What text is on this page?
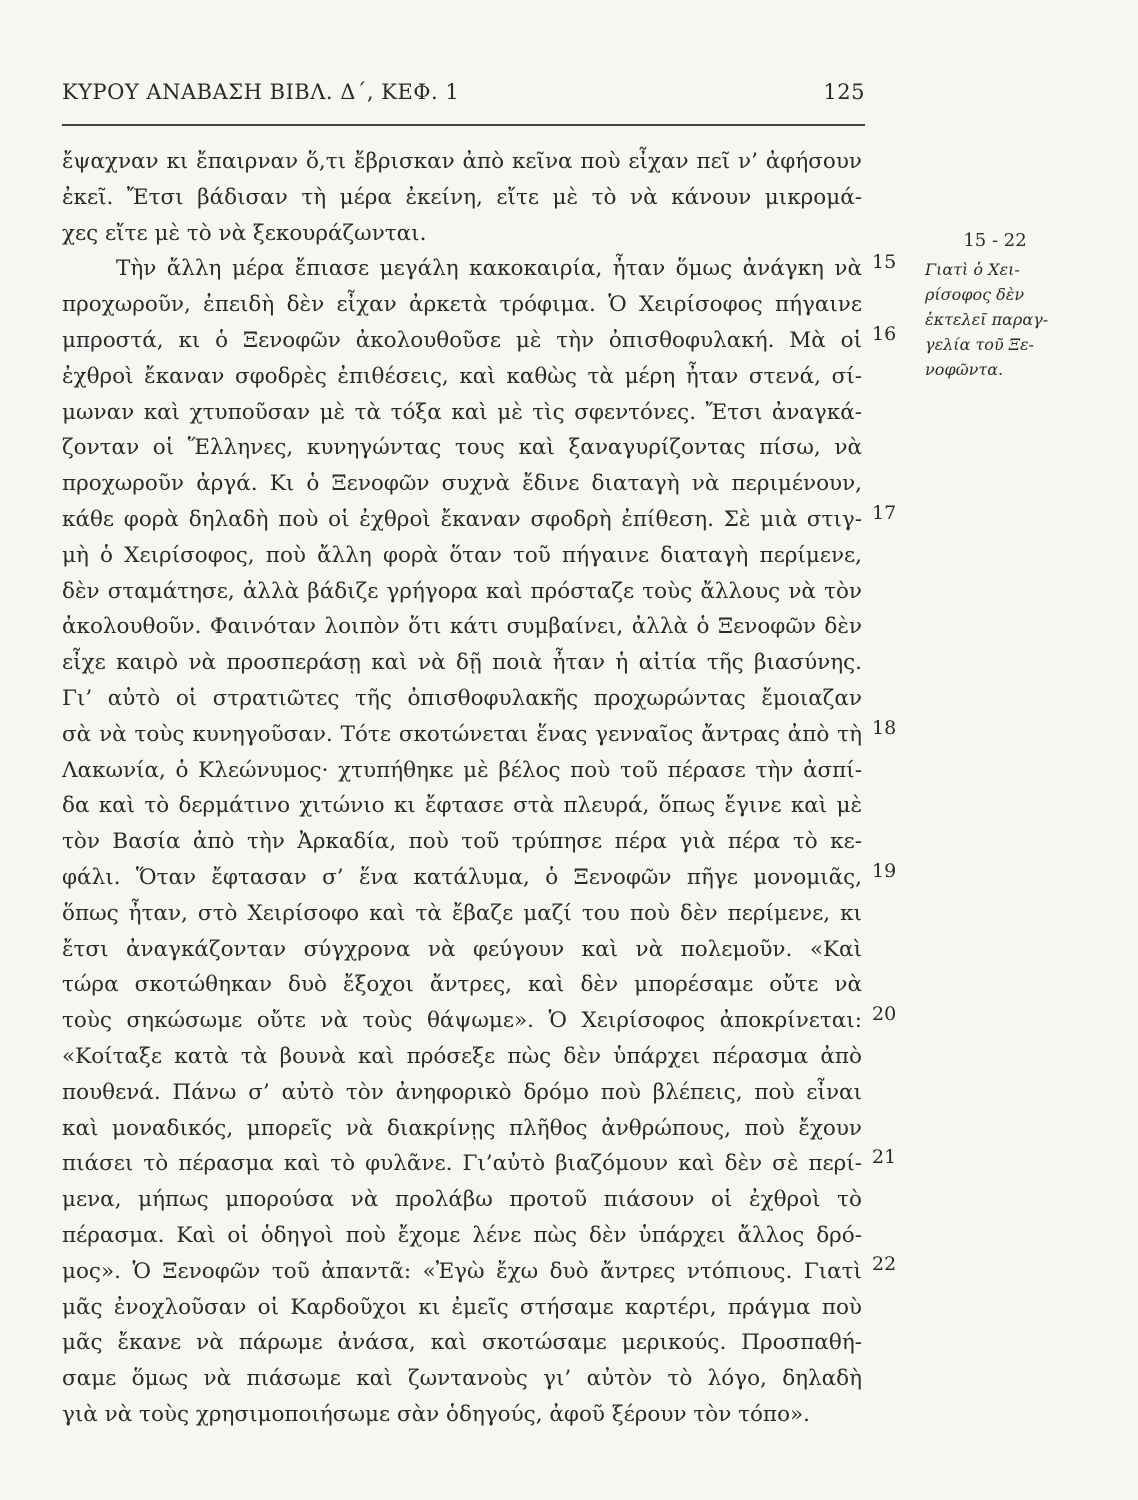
ΚΥΡΟΥ ΑΝΑΒΑΣΗ ΒΙΒΛ. Δ΄, ΚΕΦ. 1	125
ἔψαχναν κι ἔπαιρναν ὅ,τι ἔβρισκαν ἀπὸ κεῖνα ποὺ εἶχαν πεῖ ν’ ἀφήσουν
ἐκεῖ. Ἔτσι βάδισαν τὴ μέρα ἐκείνη, εἴτε μὲ τὸ νὰ κάνουν μικρομά-
χες εἴτε μὲ τὸ νὰ ξεκουράζωνται.
Τὴν ἄλλη μέρα ἔπιασε μεγάλη κακοκαιρία, ἦταν ὅμως ἀνάγκη νὰ
προχωροῦν, ἐπειδὴ δὲν εἶχαν ἀρκετὰ τρόφιμα. Ὁ Χειρίσοφος πήγαινε
μπροστά, κι ὁ Ξενοφῶν ἀκολουθοῦσε μὲ τὴν ὀπισθοφυλακή. Μὰ οἱ
ἐχθροὶ ἔκαναν σφοδρὲς ἐπιθέσεις, καὶ καθὼς τὰ μέρη ἦταν στενά, σί-
μωναν καὶ χτυποῦσαν μὲ τὰ τόξα καὶ μὲ τὶς σφεντόνες. Ἔτσι ἀναγκά-
ζονταν οἱ Ἕλληνες, κυνηγώντας τους καὶ ξαναγυρίζοντας πίσω, νὰ
προχωροῦν ἀργά. Κι ὁ Ξενοφῶν συχνὰ ἔδινε διαταγὴ νὰ περιμένουν,
κάθε φορὰ δηλαδὴ ποὺ οἱ ἐχθροὶ ἔκαναν σφοδρὴ ἐπίθεση. Σὲ μιὰ στιγ-
μὴ ὁ Χειρίσοφος, ποὺ ἄλλη φορὰ ὅταν τοῦ πήγαινε διαταγὴ περίμενε,
δὲν σταμάτησε, ἀλλὰ βάδιζε γρήγορα καὶ πρόσταζε τοὺς ἄλλους νὰ τὸν
ἀκολουθοῦν. Φαινόταν λοιπὸν ὅτι κάτι συμβαίνει, ἀλλὰ ὁ Ξενοφῶν δὲν
εἶχε καιρὸ νὰ προσπεράσῃ καὶ νὰ δῇ ποιὰ ἦταν ἡ αἰτία τῆς βιασύνης.
Γι’ αὐτὸ οἱ στρατιῶτες τῆς ὀπισθοφυλακῆς προχωρώντας ἔμοιαζαν
σὰ νὰ τοὺς κυνηγοῦσαν. Τότε σκοτώνεται ἕνας γενναῖος ἄντρας ἀπὸ τὴ
Λακωνία, ὁ Κλεώνυμος· χτυπήθηκε μὲ βέλος ποὺ τοῦ πέρασε τὴν ἀσπί-
δα καὶ τὸ δερμάτινο χιτώνιο κι ἔφτασε στὰ πλευρά, ὅπως ἔγινε καὶ μὲ
τὸν Βασία ἀπὸ τὴν Ἀρκαδία, ποὺ τοῦ τρύπησε πέρα γιὰ πέρα τὸ κε-
φάλι. Ὅταν ἔφτασαν σ’ ἕνα κατάλυμα, ὁ Ξενοφῶν πῆγε μονομιᾶς,
ὅπως ἦταν, στὸ Χειρίσοφο καὶ τὰ ἔβαζε μαζί του ποὺ δὲν περίμενε, κι
ἔτσι ἀναγκάζονταν σύγχρονα νὰ φεύγουν καὶ νὰ πολεμοῦν. «Καὶ
τώρα σκοτώθηκαν δυὸ ἔξοχοι ἄντρες, καὶ δὲν μπορέσαμε οὔτε νὰ
τοὺς σηκώσωμε οὔτε νὰ τοὺς θάψωμε». Ὁ Χειρίσοφος ἀποκρίνεται:
«Κοίταξε κατὰ τὰ βουνὰ καὶ πρόσεξε πὼς δὲν ὑπάρχει πέρασμα ἀπὸ
πουθενά. Πάνω σ’ αὐτὸ τὸν ἀνηφορικὸ δρόμο ποὺ βλέπεις, ποὺ εἶναι
καὶ μοναδικός, μπορεῖς νὰ διακρίνῃς πλῆθος ἀνθρώπους, ποὺ ἔχουν
πιάσει τὸ πέρασμα καὶ τὸ φυλᾶνε. Γι’αὐτὸ βιαζόμουν καὶ δὲν σὲ περί-
μενα, μήπως μπορούσα νὰ προλάβω προτοῦ πιάσουν οἱ ἐχθροὶ τὸ
πέρασμα. Καὶ οἱ ὁδηγοὶ ποὺ ἔχομε λένε πὼς δὲν ὑπάρχει ἄλλος δρό-
μος». Ὁ Ξενοφῶν τοῦ ἀπαντᾶ: «Ἐγὼ ἔχω δυὸ ἄντρες ντόπιους. Γιατὶ
μᾶς ἐνοχλοῦσαν οἱ Καρδοῦχοι κι ἐμεῖς στήσαμε καρτέρι, πράγμα ποὺ
μᾶς ἔκανε νὰ πάρωμε ἀνάσα, καὶ σκοτώσαμε μερικούς. Προσπαθή-
σαμε ὅμως νὰ πιάσωμε καὶ ζωντανοὺς γι’ αὐτὸν τὸ λόγο, δηλαδὴ
γιὰ νὰ τοὺς χρησιμοποιήσωμε σὰν ὁδηγούς, ἀφοῦ ξέρουν τὸν τόπο».
15
16
17
18
19
20
21
22
15 - 22
Γιατὶ ὁ Χει-
ρίσοφος δὲν
ἐκτελεῖ παραγ-
γελία τοῦ Ξε-
νοφῶντα.
